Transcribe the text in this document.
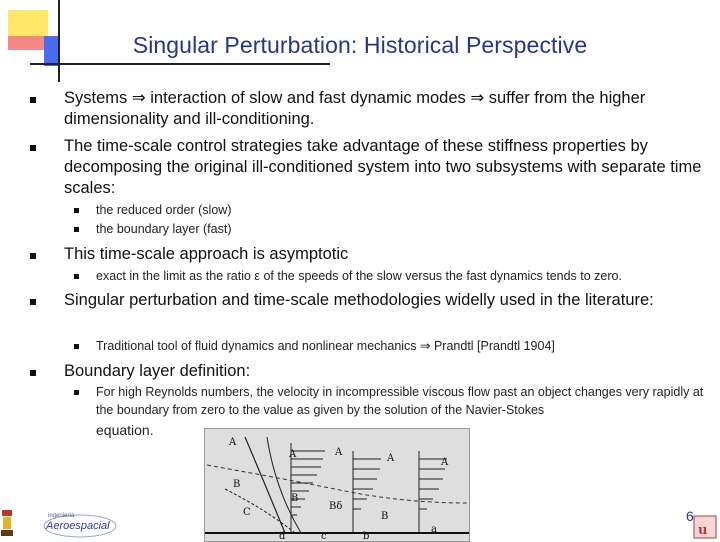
Singular Perturbation: Historical Perspective
Systems ⇒ interaction of slow and fast dynamic modes ⇒ suffer from the higher dimensionality and ill-conditioning.
The time-scale control strategies take advantage of these stiffness properties by decomposing the original ill-conditioned system into two subsystems with separate time scales:
the reduced order (slow)
the boundary layer (fast)
This time-scale approach is asymptotic
exact in the limit as the ratio ε of the speeds of the slow versus the fast dynamics tends to zero.
Singular perturbation and time-scale methodologies widelly used in the literature:
Traditional tool of fluid dynamics and nonlinear mechanics ⇒ Prandtl [Prandtl 1904]
Boundary layer definition:
For high Reynolds numbers, the velocity in incompressible viscous flow past an object changes very rapidly at the boundary from zero to the value as given by the solution of the Navier-Stokes
equation.
A
A	A
A	A
B
B
Bδ
B
C
d	c	b
a
ingeniería
Aeroespacial
6
u
